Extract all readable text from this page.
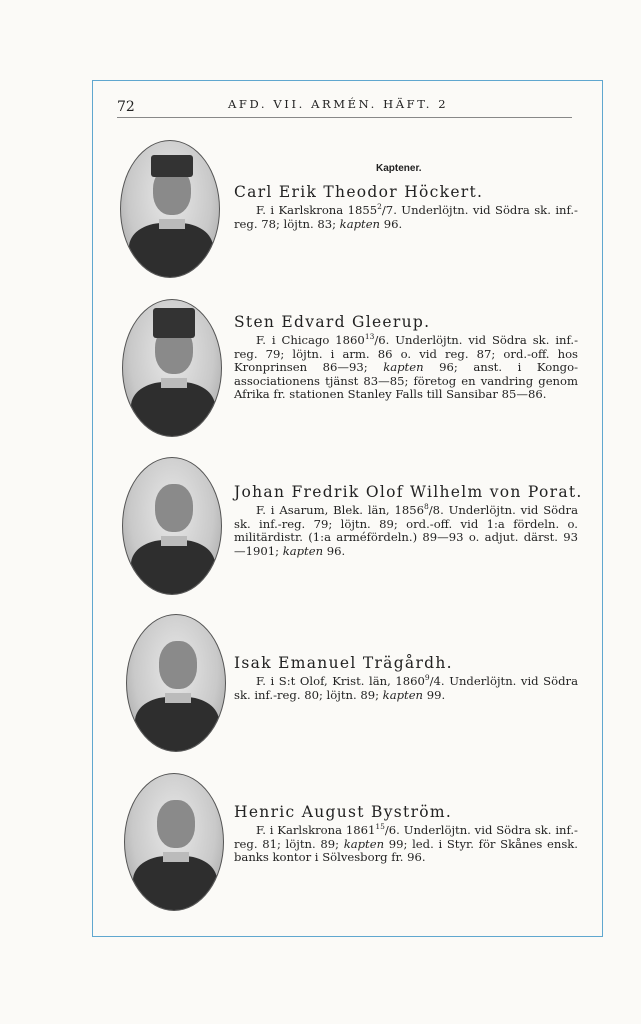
72	AFD. VII. ARMÉN. HÄFT. 2
Kaptener.
Carl Erik Theodor Höckert.
F. i Karlskrona 1855$^2$/7. Underlöjtn. vid Södra sk. inf.-reg. 78; löjtn. 83; kapten 96.
Sten Edvard Gleerup.
F. i Chicago 1860$^{13}$/6. Underlöjtn. vid Södra sk. inf.-reg. 79; löjtn. i arm. 86 o. vid reg. 87; ord.-off. hos Kronprinsen 86—93; kapten 96; anst. i Kongo-associationens tjänst 83—85; företog en vandring genom Afrika fr. stationen Stanley Falls till Sansibar 85—86.
Johan Fredrik Olof Wilhelm von Porat.
F. i Asarum, Blek. län, 1856$^8$/8. Underlöjtn. vid Södra sk. inf.-reg. 79; löjtn. 89; ord.-off. vid 1:a fördeln. o. militärdistr. (1:a arméfördeln.) 89—93 o. adjut. därst. 93—1901; kapten 96.
Isak Emanuel Trägårdh.
F. i S:t Olof, Krist. län, 1860$^9$/4. Underlöjtn. vid Södra sk. inf.-reg. 80; löjtn. 89; kapten 99.
Henric August Byström.
F. i Karlskrona 1861$^{15}$/6. Underlöjtn. vid Södra sk. inf.-reg. 81; löjtn. 89; kapten 99; led. i Styr. för Skånes ensk. banks kontor i Sölvesborg fr. 96.
